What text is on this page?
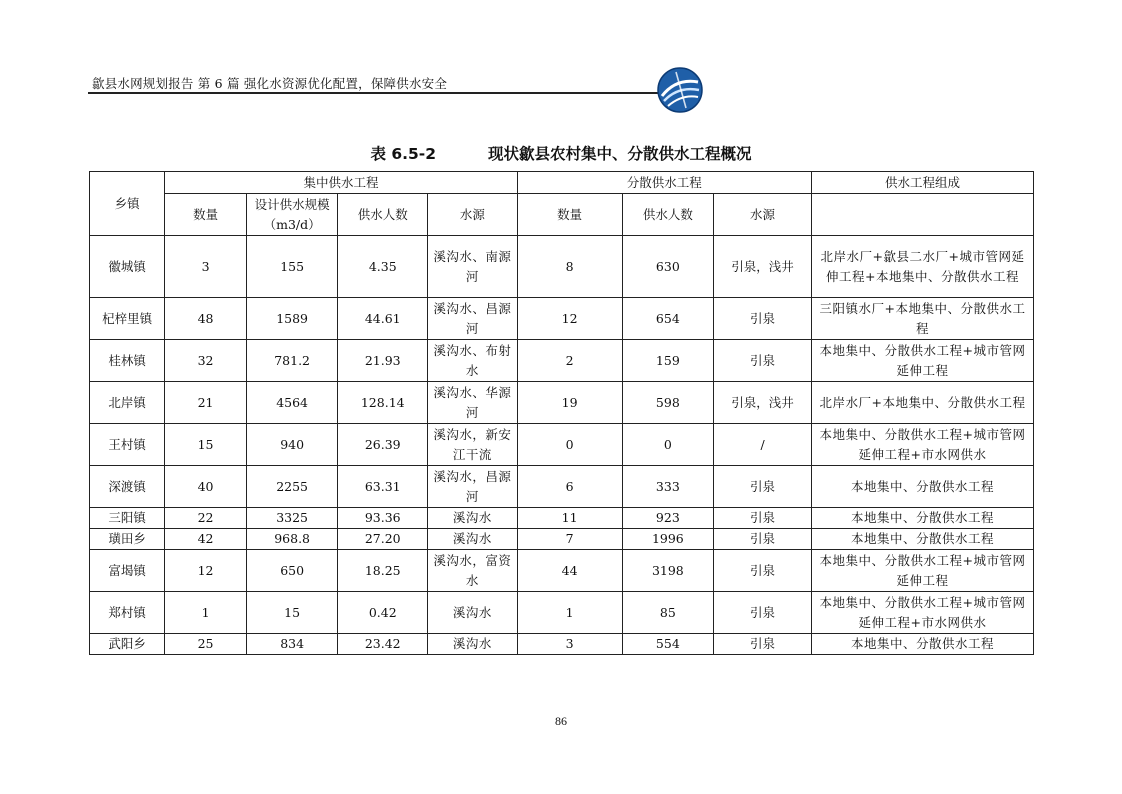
歙县水网规划报告 第 6 篇 强化水资源优化配置，保障供水安全
表 6.5-2	现状歙县农村集中、分散供水工程概况
乡镇	集中供水工程				分散供水工程			供水工程组成
	数量	设计供水规模（m3/d）	供水人数	水源	数量	供水人数	水源	
徽城镇	3	155	4.35	溪沟水、南源河	8	630	引泉，浅井	北岸水厂+歙县二水厂+城市管网延伸工程+本地集中、分散供水工程
杞梓里镇	48	1589	44.61	溪沟水、昌源河	12	654	引泉	三阳镇水厂+本地集中、分散供水工程
桂林镇	32	781.2	21.93	溪沟水、布射水	2	159	引泉	本地集中、分散供水工程+城市管网延伸工程
北岸镇	21	4564	128.14	溪沟水、华源河	19	598	引泉，浅井	北岸水厂+本地集中、分散供水工程
王村镇	15	940	26.39	溪沟水，新安江干流	0	0	/	本地集中、分散供水工程+城市管网延伸工程+市水网供水
深渡镇	40	2255	63.31	溪沟水，昌源河	6	333	引泉	本地集中、分散供水工程
三阳镇	22	3325	93.36	溪沟水	11	923	引泉	本地集中、分散供水工程
璜田乡	42	968.8	27.20	溪沟水	7	1996	引泉	本地集中、分散供水工程
富堨镇	12	650	18.25	溪沟水，富资水	44	3198	引泉	本地集中、分散供水工程+城市管网延伸工程
郑村镇	1	15	0.42	溪沟水	1	85	引泉	本地集中、分散供水工程+城市管网延伸工程+市水网供水
武阳乡	25	834	23.42	溪沟水	3	554	引泉	本地集中、分散供水工程
86
